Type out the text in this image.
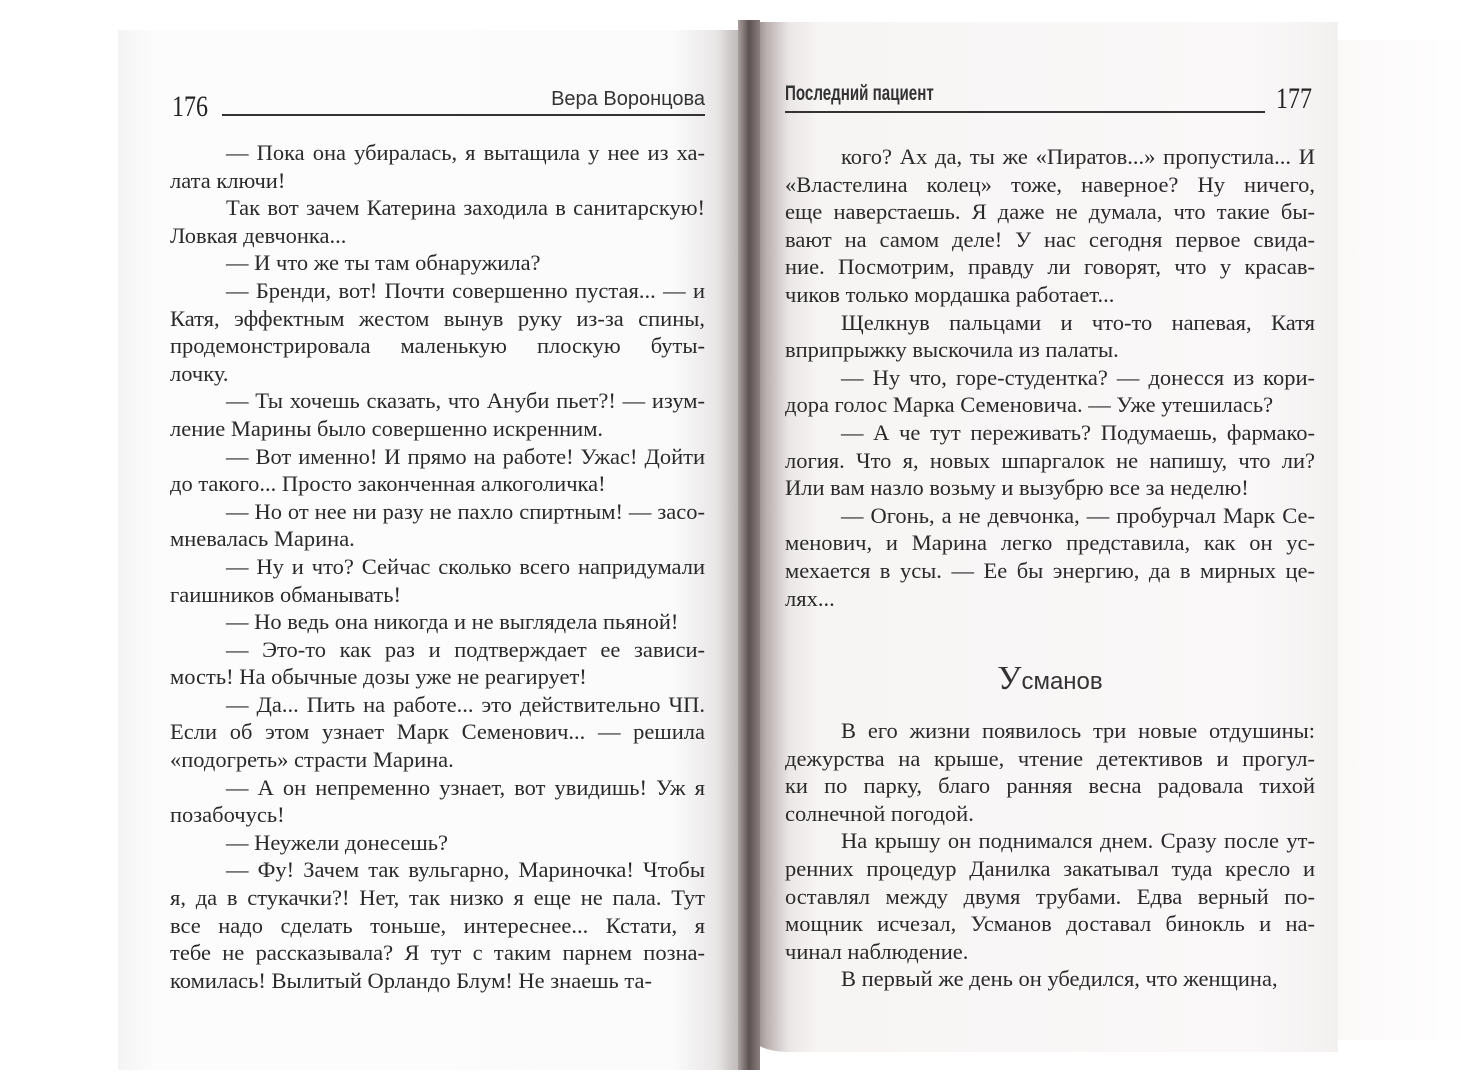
176	Вера Воронцова	Последний пациент	177
— Пока она убиралась, я вытащила у нее из ха-
лата ключи!
Так вот зачем Катерина заходила в санитарскую!
Ловкая девчонка...
— И что же ты там обнаружила?
— Бренди, вот! Почти совершенно пустая... — и
Катя, эффектным жестом вынув руку из-за спины,
продемонстрировала маленькую плоскую буты-
лочку.
— Ты хочешь сказать, что Ануби пьет?! — изум-
ление Марины было совершенно искренним.
— Вот именно! И прямо на работе! Ужас! Дойти
до такого... Просто законченная алкоголичка!
— Но от нее ни разу не пахло спиртным! — засо-
мневалась Марина.
— Ну и что? Сейчас сколько всего напридумали
гаишников обманывать!
— Но ведь она никогда и не выглядела пьяной!
— Это-то как раз и подтверждает ее зависи-
мость! На обычные дозы уже не реагирует!
— Да... Пить на работе... это действительно ЧП.
Если об этом узнает Марк Семенович... — решила
«подогреть» страсти Марина.
— А он непременно узнает, вот увидишь! Уж я
позабочусь!
— Неужели донесешь?
— Фу! Зачем так вульгарно, Мариночка! Чтобы
я, да в стукачки?! Нет, так низко я еще не пала. Тут
все надо сделать тоньше, интереснее... Кстати, я
тебе не рассказывала? Я тут с таким парнем позна-
комилась! Вылитый Орландо Блум! Не знаешь та-
кого? Ах да, ты же «Пиратов...» пропустила... И
«Властелина колец» тоже, наверное? Ну ничего,
еще наверстаешь. Я даже не думала, что такие бы-
вают на самом деле! У нас сегодня первое свида-
ние. Посмотрим, правду ли говорят, что у красав-
чиков только мордашка работает...
Щелкнув пальцами и что-то напевая, Катя
вприпрыжку выскочила из палаты.
— Ну что, горе-студентка? — донесся из кори-
дора голос Марка Семеновича. — Уже утешилась?
— А че тут переживать? Подумаешь, фармако-
логия. Что я, новых шпаргалок не напишу, что ли?
Или вам назло возьму и вызубрю все за неделю!
— Огонь, а не девчонка, — пробурчал Марк Се-
менович, и Марина легко представила, как он ус-
мехается в усы. — Ее бы энергию, да в мирных це-
лях...
Усманов
В его жизни появилось три новые отдушины:
дежурства на крыше, чтение детективов и прогул-
ки по парку, благо ранняя весна радовала тихой
солнечной погодой.
На крышу он поднимался днем. Сразу после ут-
ренних процедур Данилка закатывал туда кресло и
оставлял между двумя трубами. Едва верный по-
мощник исчезал, Усманов доставал бинокль и на-
чинал наблюдение.
В первый же день он убедился, что женщина,
